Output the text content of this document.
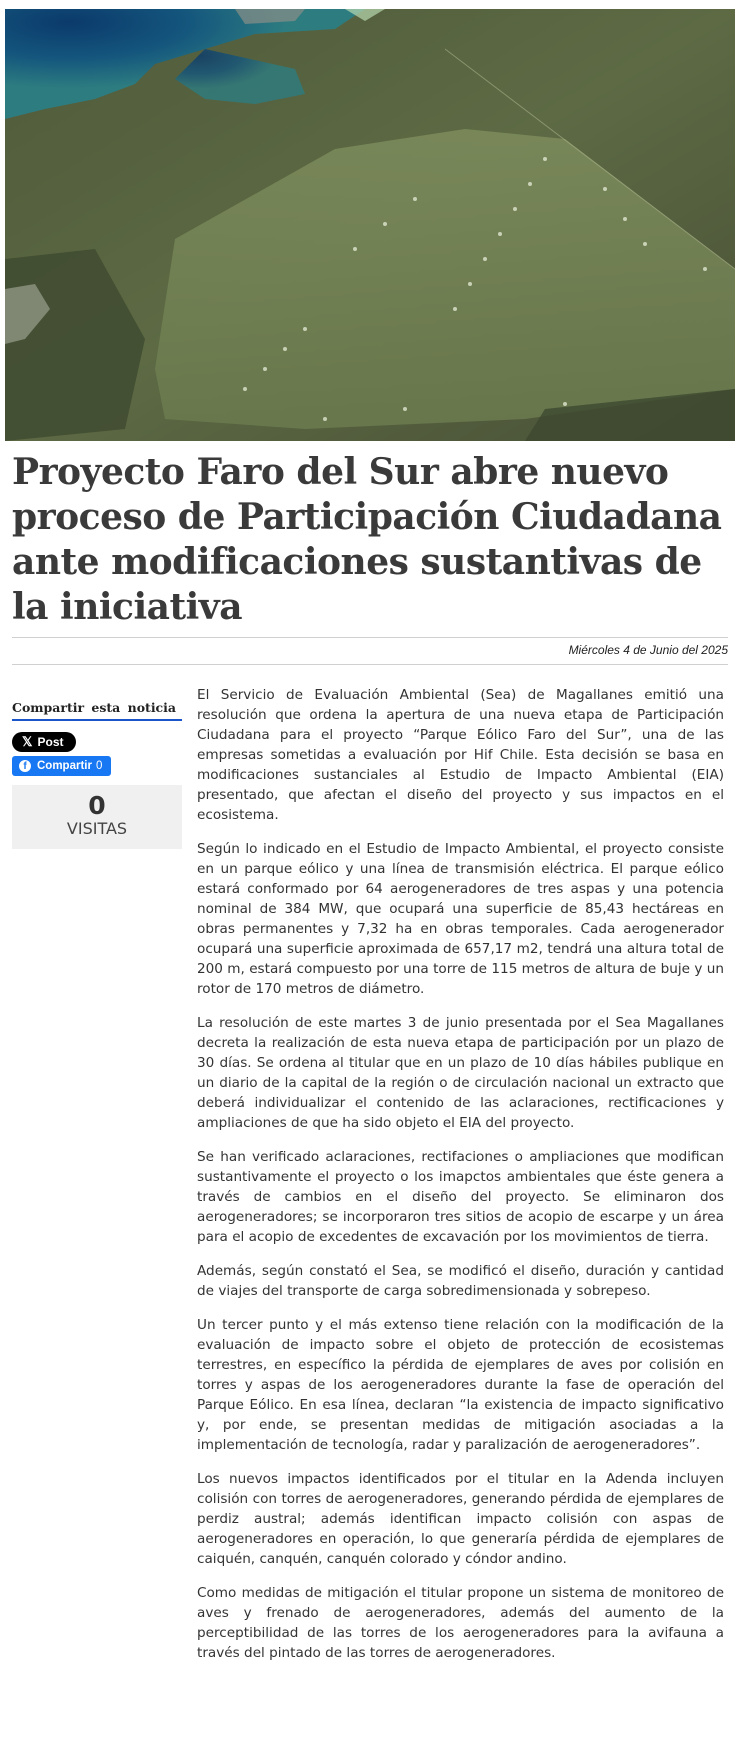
Proyecto Faro del Sur abre nuevo proceso de Participación Ciudadana ante modificaciones sustantivas de la iniciativa
Miércoles 4 de Junio del 2025
Compartir esta noticia
𝕏 Post
f Compartir 0
0
VISITAS

El Servicio de Evaluación Ambiental (Sea) de Magallanes emitió una resolución que ordena la apertura de una nueva etapa de Participación Ciudadana para el proyecto “Parque Eólico Faro del Sur”, una de las empresas sometidas a evaluación por Hif Chile. Esta decisión se basa en modificaciones sustanciales al Estudio de Impacto Ambiental (EIA) presentado, que afectan el diseño del proyecto y sus impactos en el ecosistema.

Según lo indicado en el Estudio de Impacto Ambiental, el proyecto consiste en un parque eólico y una línea de transmisión eléctrica. El parque eólico estará conformado por 64 aerogeneradores de tres aspas y una potencia nominal de 384 MW, que ocupará una superficie de 85,43 hectáreas en obras permanentes y 7,32 ha en obras temporales. Cada aerogenerador ocupará una superficie aproximada de 657,17 m2, tendrá una altura total de 200 m, estará compuesto por una torre de 115 metros de altura de buje y un rotor de 170 metros de diámetro.

La resolución de este martes 3 de junio presentada por el Sea Magallanes decreta la realización de esta nueva etapa de participación por un plazo de 30 días. Se ordena al titular que en un plazo de 10 días hábiles publique en un diario de la capital de la región o de circulación nacional un extracto que deberá individualizar el contenido de las aclaraciones, rectificaciones y ampliaciones de que ha sido objeto el EIA del proyecto.

Se han verificado aclaraciones, rectifaciones o ampliaciones que modifican sustantivamente el proyecto o los imapctos ambientales que éste genera a través de cambios en el diseño del proyecto. Se eliminaron dos aerogeneradores; se incorporaron tres sitios de acopio de escarpe y un área para el acopio de excedentes de excavación por los movimientos de tierra.

Además, según constató el Sea, se modificó el diseño, duración y cantidad de viajes del transporte de carga sobredimensionada y sobrepeso.

Un tercer punto y el más extenso tiene relación con la modificación de la evaluación de impacto sobre el objeto de protección de ecosistemas terrestres, en específico la pérdida de ejemplares de aves por colisión en torres y aspas de los aerogeneradores durante la fase de operación del Parque Eólico. En esa línea, declaran “la existencia de impacto significativo y, por ende, se presentan medidas de mitigación asociadas a la implementación de tecnología, radar y paralización de aerogeneradores”.

Los nuevos impactos identificados por el titular en la Adenda incluyen colisión con torres de aerogeneradores, generando pérdida de ejemplares de perdiz austral; además identifican impacto colisión con aspas de aerogeneradores en operación, lo que generaría pérdida de ejemplares de caiquén, canquén, canquén colorado y cóndor andino.

Como medidas de mitigación el titular propone un sistema de monitoreo de aves y frenado de aerogeneradores, además del aumento de la perceptibilidad de las torres de los aerogeneradores para la avifauna a través del pintado de las torres de aerogeneradores.
